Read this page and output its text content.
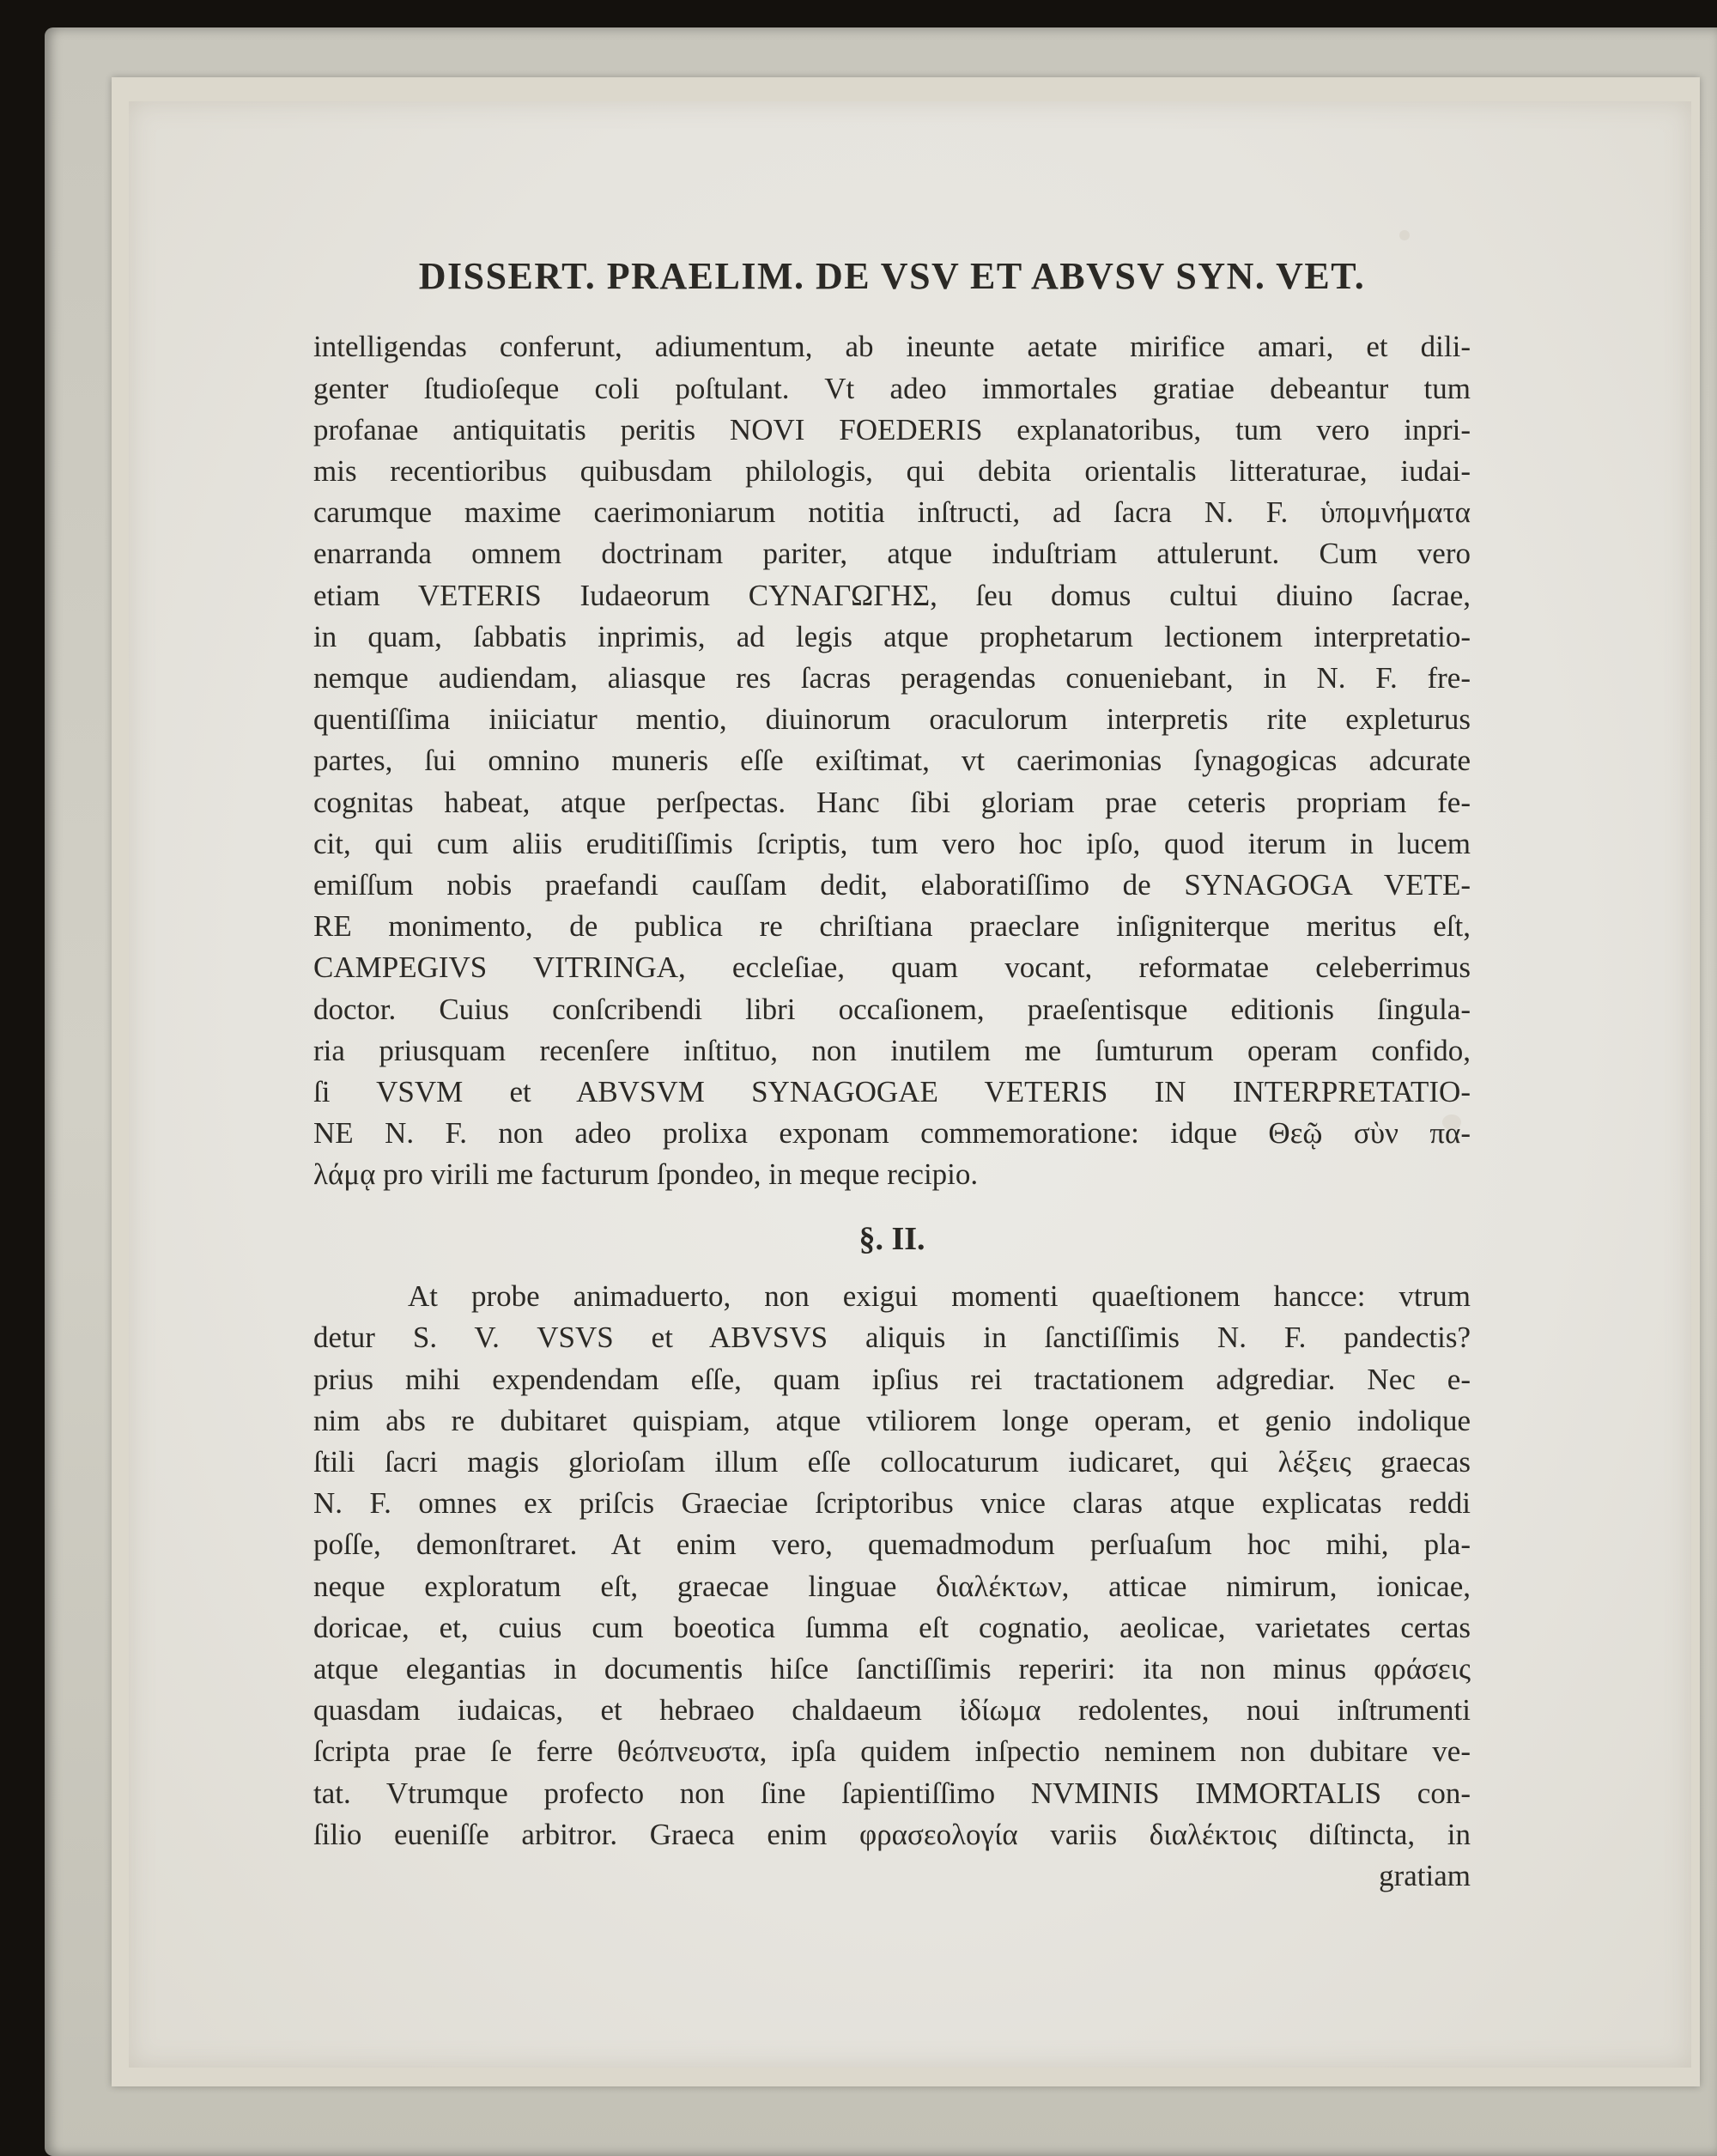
DISSERT. PRAELIM. DE VSV ET ABVSV SYN. VET.
intelligendas conferunt, adiumentum, ab ineunte aetate mirifice amari, et dili-
genter ſtudioſeque coli poſtulant. Vt adeo immortales gratiae debeantur tum
profanae antiquitatis peritis NOVI FOEDERIS explanatoribus, tum vero inpri-
mis recentioribus quibusdam philologis, qui debita orientalis litteraturae, iudai-
carumque maxime caerimoniarum notitia inſtructi, ad ſacra N. F. ὑπομνήματα
enarranda omnem doctrinam pariter, atque induſtriam attulerunt. Cum vero
etiam VETERIS Iudaeorum CYNAΓΩΓΗΣ, ſeu domus cultui diuino ſacrae,
in quam, ſabbatis inprimis, ad legis atque prophetarum lectionem interpretatio-
nemque audiendam, aliasque res ſacras peragendas conueniebant, in N. F. fre-
quentiſſima iniiciatur mentio, diuinorum oraculorum interpretis rite expleturus
partes, ſui omnino muneris eſſe exiſtimat, vt caerimonias ſynagogicas adcurate
cognitas habeat, atque perſpectas. Hanc ſibi gloriam prae ceteris propriam fe-
cit, qui cum aliis eruditiſſimis ſcriptis, tum vero hoc ipſo, quod iterum in lucem
emiſſum nobis praefandi cauſſam dedit, elaboratiſſimo de SYNAGOGA VETE-
RE monimento, de publica re chriſtiana praeclare inſigniterque meritus eſt,
CAMPEGIVS VITRINGA, eccleſiae, quam vocant, reformatae celeberrimus
doctor. Cuius conſcribendi libri occaſionem, praeſentisque editionis ſingula-
ria priusquam recenſere inſtituo, non inutilem me ſumturum operam confido,
ſi VSVM et ABVSVM SYNAGOGAE VETERIS IN INTERPRETATIO-
NE N. F. non adeo prolixa exponam commemoratione: idque Θεῷ σὺν πα-
λάμᾳ pro virili me facturum ſpondeo, in meque recipio.
§. II.
At probe animaduerto, non exigui momenti quaeſtionem hancce: vtrum
detur S. V. VSVS et ABVSVS aliquis in ſanctiſſimis N. F. pandectis?
prius mihi expendendam eſſe, quam ipſius rei tractationem adgrediar. Nec e-
nim abs re dubitaret quispiam, atque vtiliorem longe operam, et genio indolique
ſtili ſacri magis glorioſam illum eſſe collocaturum iudicaret, qui λέξεις graecas
N. F. omnes ex priſcis Graeciae ſcriptoribus vnice claras atque explicatas reddi
poſſe, demonſtraret. At enim vero, quemadmodum perſuaſum hoc mihi, pla-
neque exploratum eſt, graecae linguae διαλέκτων, atticae nimirum, ionicae,
doricae, et, cuius cum boeotica ſumma eſt cognatio, aeolicae, varietates certas
atque elegantias in documentis hiſce ſanctiſſimis reperiri: ita non minus φράσεις
quasdam iudaicas, et hebraeo chaldaeum ἰδίωμα redolentes, noui inſtrumenti
ſcripta prae ſe ferre θεόπνευστα, ipſa quidem inſpectio neminem non dubitare ve-
tat. Vtrumque profecto non ſine ſapientiſſimo NVMINIS IMMORTALIS con-
ſilio eueniſſe arbitror. Graeca enim φρασεολογία variis διαλέκτοις diſtincta, in
gratiam
